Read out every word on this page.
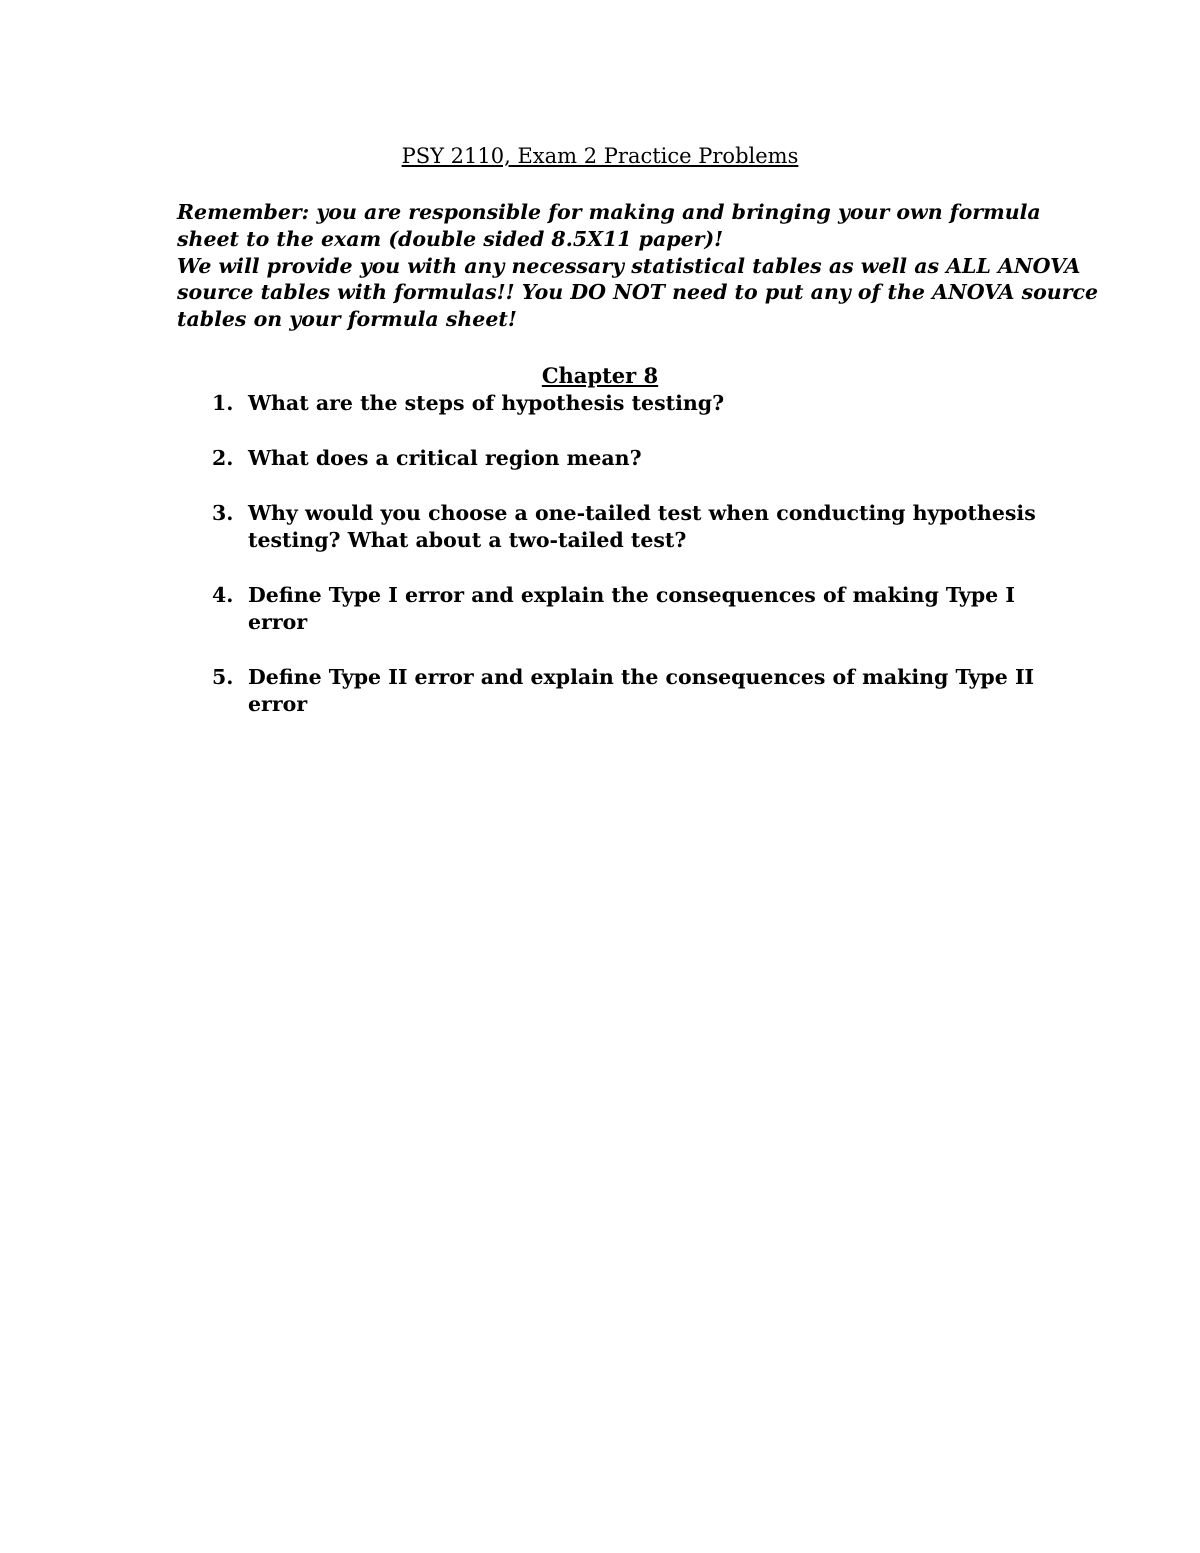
PSY 2110, Exam 2 Practice Problems
Remember: you are responsible for making and bringing your own formula
sheet to the exam (double sided 8.5X11 paper)!
We will provide you with any necessary statistical tables as well as ALL ANOVA
source tables with formulas!! You DO NOT need to put any of the ANOVA source
tables on your formula sheet!
Chapter 8
1. What are the steps of hypothesis testing?
2. What does a critical region mean?
3. Why would you choose a one-tailed test when conducting hypothesis
testing? What about a two-tailed test?
4. Define Type I error and explain the consequences of making Type I
error
5. Define Type II error and explain the consequences of making Type II
error
